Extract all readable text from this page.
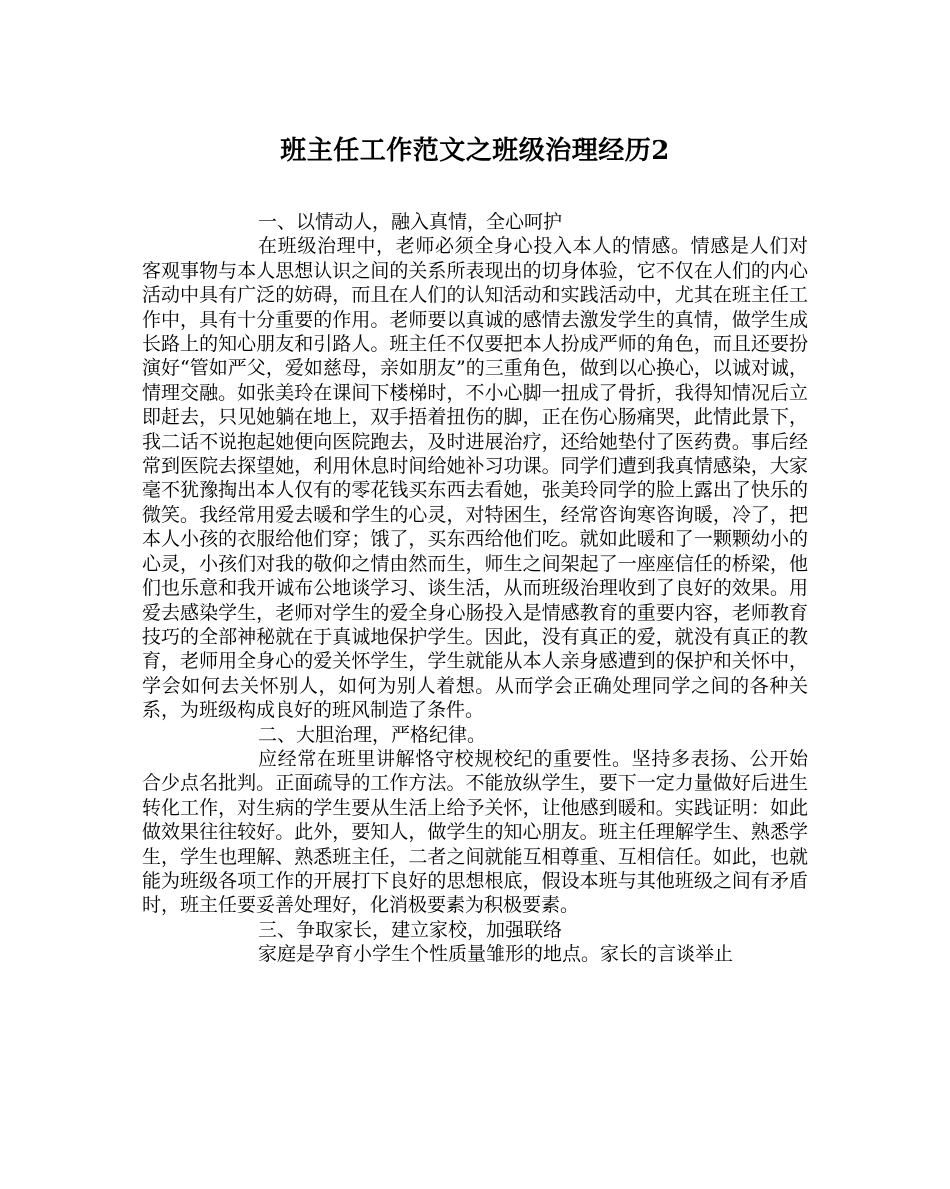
班主任工作范文之班级治理经历2

一、以情动人，融入真情，全心呵护

在班级治理中，老师必须全身心投入本人的情感。情感是人们对客观事物与本人思想认识之间的关系所表现出的切身体验，它不仅在人们的内心活动中具有广泛的妨碍，而且在人们的认知活动和实践活动中，尤其在班主任工作中，具有十分重要的作用。老师要以真诚的感情去激发学生的真情，做学生成长路上的知心朋友和引路人。班主任不仅要把本人扮成严师的角色，而且还要扮演好“管如严父，爱如慈母，亲如朋友”的三重角色，做到以心换心，以诚对诚，情理交融。如张美玲在课间下楼梯时，不小心脚一扭成了骨折，我得知情况后立即赶去，只见她躺在地上，双手捂着扭伤的脚，正在伤心肠痛哭，此情此景下，我二话不说抱起她便向医院跑去，及时进展治疗，还给她垫付了医药费。事后经常到医院去探望她，利用休息时间给她补习功课。同学们遭到我真情感染，大家毫不犹豫掏出本人仅有的零花钱买东西去看她，张美玲同学的脸上露出了快乐的微笑。我经常用爱去暖和学生的心灵，对特困生，经常咨询寒咨询暖，冷了，把本人小孩的衣服给他们穿；饿了，买东西给他们吃。就如此暖和了一颗颗幼小的心灵，小孩们对我的敬仰之情由然而生，师生之间架起了一座座信任的桥梁，他们也乐意和我开诚布公地谈学习、谈生活，从而班级治理收到了良好的效果。用爱去感染学生，老师对学生的爱全身心肠投入是情感教育的重要内容，老师教育技巧的全部神秘就在于真诚地保护学生。因此，没有真正的爱，就没有真正的教育，老师用全身心的爱关怀学生，学生就能从本人亲身感遭到的保护和关怀中，学会如何去关怀别人，如何为别人着想。从而学会正确处理同学之间的各种关系，为班级构成良好的班风制造了条件。

二、大胆治理，严格纪律。

应经常在班里讲解恪守校规校纪的重要性。坚持多表扬、公开始合少点名批判。正面疏导的工作方法。不能放纵学生，要下一定力量做好后进生转化工作，对生病的学生要从生活上给予关怀，让他感到暖和。实践证明：如此做效果往往较好。此外，要知人，做学生的知心朋友。班主任理解学生、熟悉学生，学生也理解、熟悉班主任，二者之间就能互相尊重、互相信任。如此，也就能为班级各项工作的开展打下良好的思想根底，假设本班与其他班级之间有矛盾时，班主任要妥善处理好，化消极要素为积极要素。

三、争取家长，建立家校，加强联络

家庭是孕育小学生个性质量雏形的地点。家长的言谈举止
